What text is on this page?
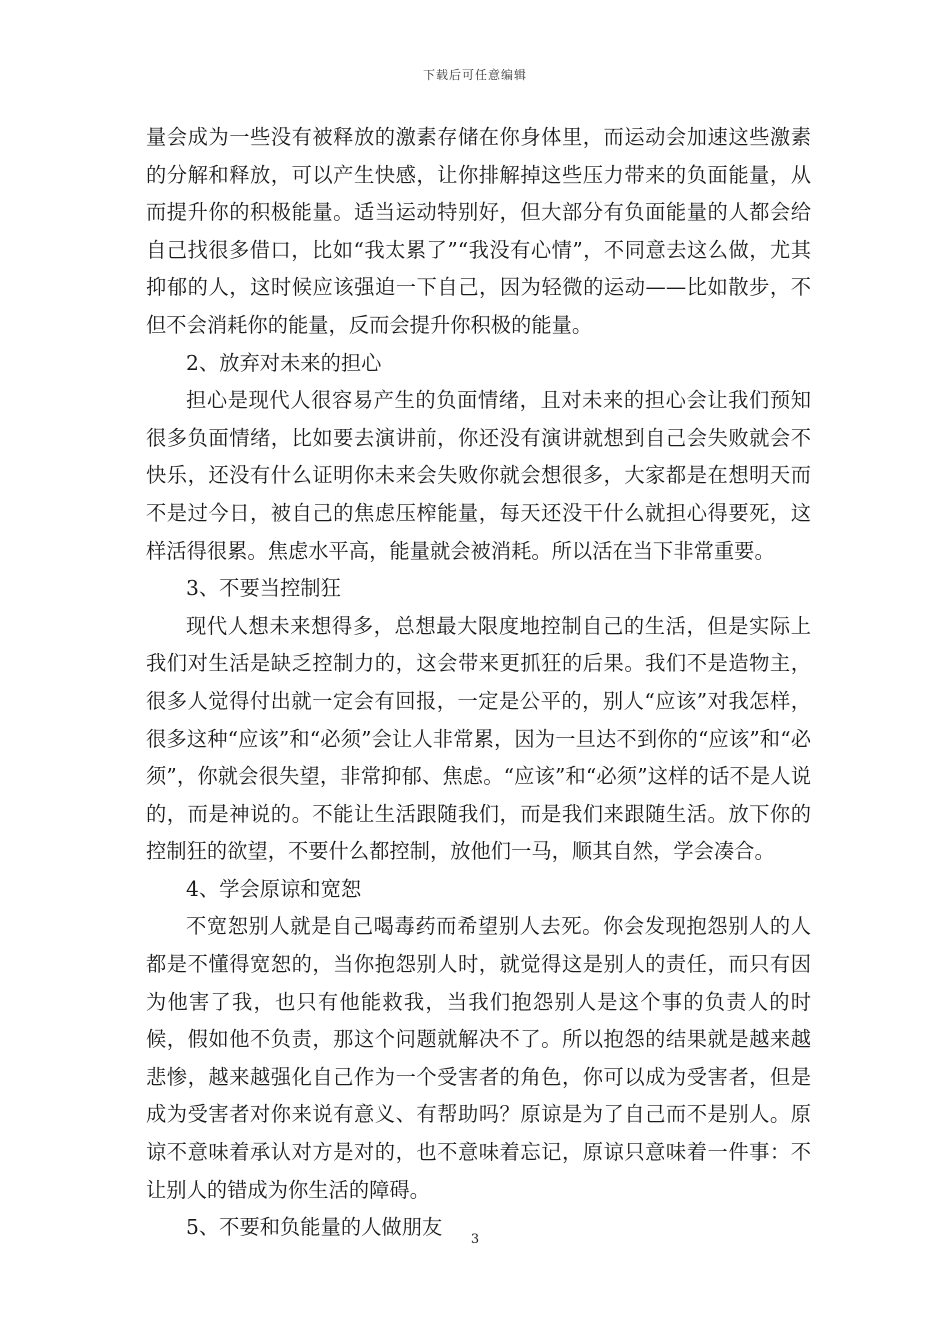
下载后可任意编辑

量会成为一些没有被释放的激素存储在你身体里，而运动会加速这些激素的分解和释放，可以产生快感，让你排解掉这些压力带来的负面能量，从而提升你的积极能量。适当运动特别好，但大部分有负面能量的人都会给自己找很多借口，比如“我太累了”“我没有心情”，不同意去这么做，尤其抑郁的人，这时候应该强迫一下自己，因为轻微的运动——比如散步，不但不会消耗你的能量，反而会提升你积极的能量。

2、放弃对未来的担心

担心是现代人很容易产生的负面情绪，且对未来的担心会让我们预知很多负面情绪，比如要去演讲前，你还没有演讲就想到自己会失败就会不快乐，还没有什么证明你未来会失败你就会想很多，大家都是在想明天而不是过今日，被自己的焦虑压榨能量，每天还没干什么就担心得要死，这样活得很累。焦虑水平高，能量就会被消耗。所以活在当下非常重要。

3、不要当控制狂

现代人想未来想得多，总想最大限度地控制自己的生活，但是实际上我们对生活是缺乏控制力的，这会带来更抓狂的后果。我们不是造物主，很多人觉得付出就一定会有回报，一定是公平的，别人“应该”对我怎样，很多这种“应该”和“必须”会让人非常累，因为一旦达不到你的“应该”和“必须”，你就会很失望，非常抑郁、焦虑。“应该”和“必须”这样的话不是人说的，而是神说的。不能让生活跟随我们，而是我们来跟随生活。放下你的控制狂的欲望，不要什么都控制，放他们一马，顺其自然，学会凑合。

4、学会原谅和宽恕

不宽恕别人就是自己喝毒药而希望别人去死。你会发现抱怨别人的人都是不懂得宽恕的，当你抱怨别人时，就觉得这是别人的责任，而只有因为他害了我，也只有他能救我，当我们抱怨别人是这个事的负责人的时候，假如他不负责，那这个问题就解决不了。所以抱怨的结果就是越来越悲惨，越来越强化自己作为一个受害者的角色，你可以成为受害者，但是成为受害者对你来说有意义、有帮助吗？原谅是为了自己而不是别人。原谅不意味着承认对方是对的，也不意味着忘记，原谅只意味着一件事：不让别人的错成为你生活的障碍。

5、不要和负能量的人做朋友

3
